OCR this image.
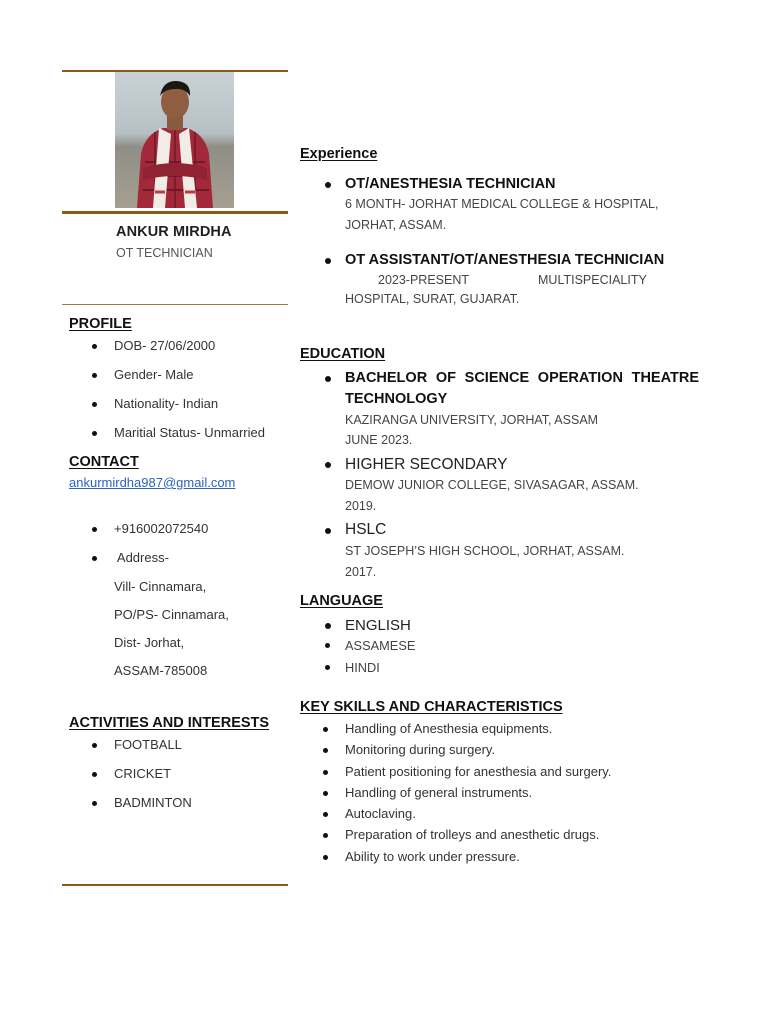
ANKUR MIRDHA
OT TECHNICIAN
PROFILE
DOB- 27/06/2000
Gender- Male
Nationality- Indian
Maritial Status- Unmarried
CONTACT
ankurmirdha987@gmail.com
+916002072540
Address-
Vill- Cinnamara,
PO/PS- Cinnamara,
Dist- Jorhat,
ASSAM-785008
ACTIVITIES AND INTERESTS
FOOTBALL
CRICKET
BADMINTON
Experience
OT/ANESTHESIA TECHNICIAN
6 MONTH- JORHAT MEDICAL COLLEGE & HOSPITAL,
JORHAT, ASSAM.
OT ASSISTANT/OT/ANESTHESIA TECHNICIAN
2023-PRESENT	MULTISPECIALITY
HOSPITAL, SURAT, GUJARAT.
EDUCATION
BACHELOR OF SCIENCE OPERATION THEATRE
TECHNOLOGY
KAZIRANGA UNIVERSITY, JORHAT, ASSAM
JUNE 2023.
HIGHER SECONDARY
DEMOW JUNIOR COLLEGE, SIVASAGAR, ASSAM.
2019.
HSLC
ST JOSEPH’S HIGH SCHOOL, JORHAT, ASSAM.
2017.
LANGUAGE
ENGLISH
ASSAMESE
HINDI
KEY SKILLS AND CHARACTERISTICS
Handling of Anesthesia equipments.
Monitoring during surgery.
Patient positioning for anesthesia and surgery.
Handling of general instruments.
Autoclaving.
Preparation of trolleys and anesthetic drugs.
Ability to work under pressure.
